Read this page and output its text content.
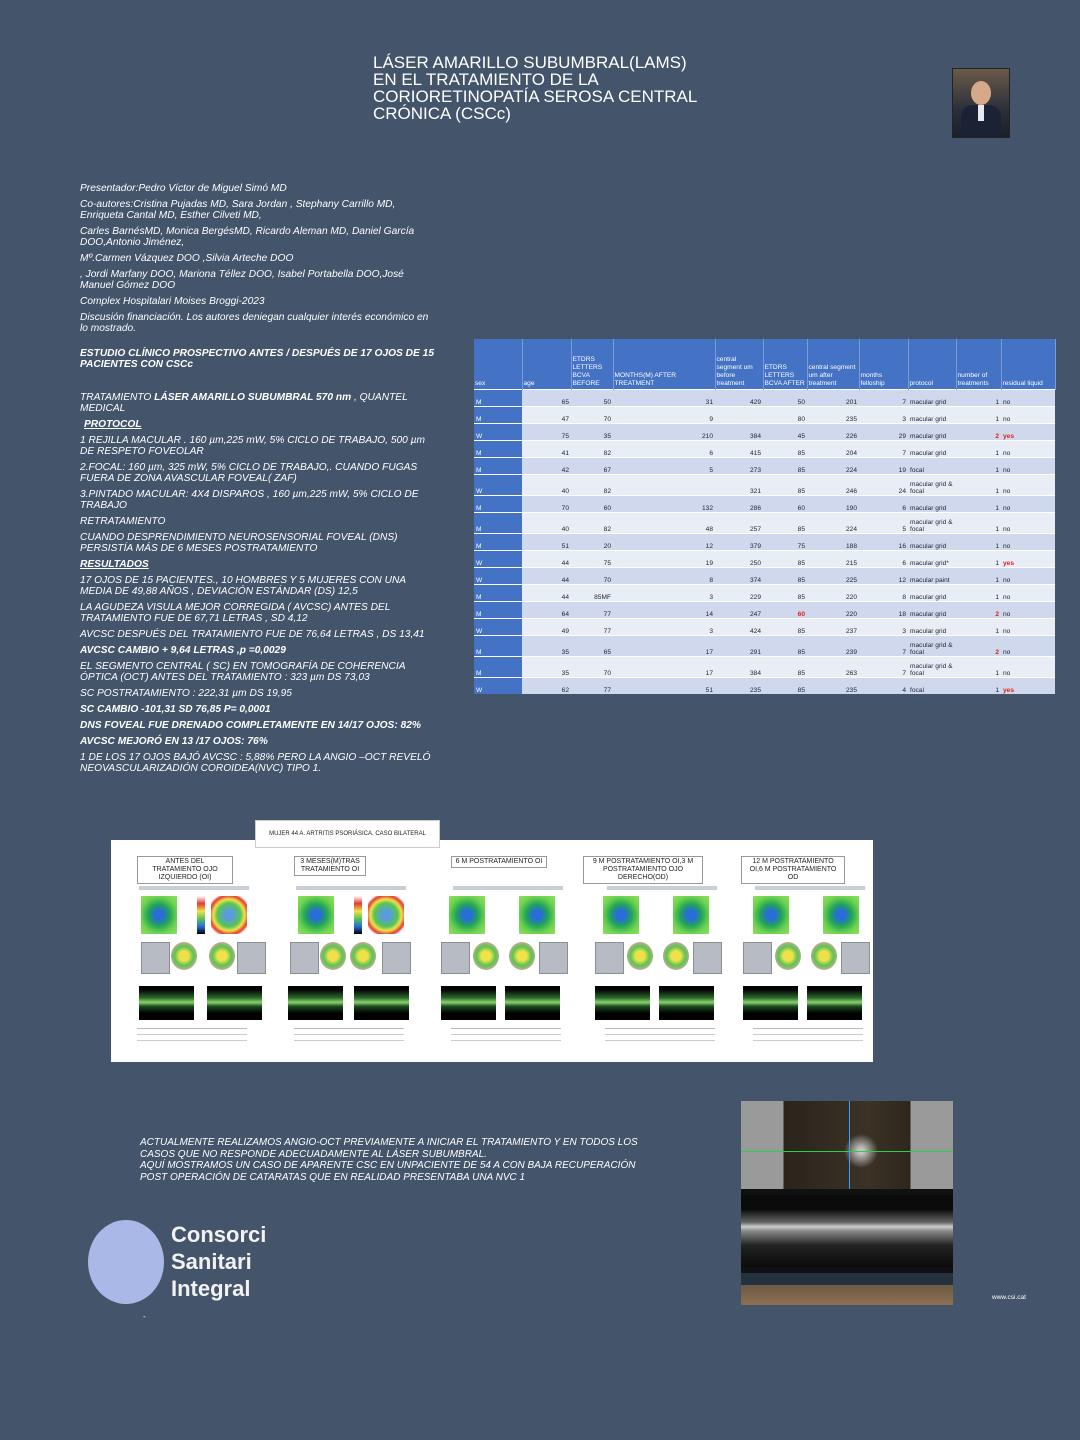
LÁSER AMARILLO SUBUMBRAL(LAMS)
EN EL TRATAMIENTO DE LA
CORIORETINOPATÍA SEROSA CENTRAL
CRÓNICA (CSCc)

Presentador:Pedro Víctor de Miguel Simó MD

Co-autores:Cristina Pujadas MD, Sara Jordan , Stephany Carrillo MD, Enriqueta Cantal MD, Esther Cilveti MD,

Carles BarnésMD, Monica BergésMD, Ricardo Aleman MD, Daniel García DOO,Antonio Jiménez,

Mº.Carmen Vázquez DOO ,Silvia Arteche DOO

, Jordi Marfany DOO, Mariona Téllez DOO, Isabel Portabella DOO,José Manuel Gómez DOO

Complex Hospitalari Moises Broggi-2023

Discusión financiación. Los autores deniegan cualquier interés económico en lo mostrado.

ESTUDIO CLÍNICO PROSPECTIVO ANTES / DESPUÉS DE 17 OJOS DE 15 PACIENTES CON CSCc

TRATAMIENTO LÁSER AMARILLO SUBUMBRAL 570 nm , QUANTEL MEDICAL

PROTOCOL

1 REJILLA MACULAR . 160 µm,225 mW, 5% CICLO DE TRABAJO, 500 µm DE RESPETO FOVEOLAR

2.FOCAL: 160 µm, 325 mW, 5% CICLO DE TRABAJO,. CUANDO FUGAS FUERA DE ZONA AVASCULAR FOVEAL( ZAF)

3.PINTADO MACULAR: 4X4 DISPAROS , 160 µm,225 mW, 5% CICLO DE TRABAJO

RETRATAMIENTO

CUANDO DESPRENDIMIENTO NEUROSENSORIAL FOVEAL (DNS) PERSISTÍA MÁS DE 6 MESES POSTRATAMIENTO

RESULTADOS

17 OJOS DE 15 PACIENTES., 10 HOMBRES Y 5 MUJERES CON UNA MEDIA DE 49,88 AÑOS , DEVIACIÓN ESTÁNDAR (DS) 12,5

LA AGUDEZA VISULA MEJOR CORREGIDA ( AVCSC) ANTES DEL TRATAMIENTO FUE DE 67,71 LETRAS , SD 4,12

AVCSC DESPUÉS DEL TRATAMIENTO FUE DE 76,64 LETRAS , DS 13,41

AVCSC CAMBIO + 9,64 LETRAS ,p =0,0029

EL SEGMENTO CENTRAL ( SC) EN TOMOGRAFÍA DE COHERENCIA ÓPTICA (OCT) ANTES DEL TRATAMIENTO : 323 µm DS 73,03

SC POSTRATAMIENTO : 222,31 µm DS 19,95

SC CAMBIO -101,31 SD 76,85 P= 0,0001

DNS FOVEAL FUE DRENADO COMPLETAMENTE EN 14/17 OJOS: 82%

AVCSC MEJORÓ EN 13 /17 OJOS: 76%

1 DE LOS 17 OJOS BAJÓ AVCSC : 5,88% PERO LA ANGIO –OCT REVELÓ NEOVASCULARIZADIÓN COROIDEA(NVC) TIPO 1.

sex	age	ETDRS LETTERS BCVA BEFORE	MONTHS(M) AFTER TREATMENT	central segment um before treatment	ETDRS LETTERS BCVA AFTER	central segment um after treatment	months felloship	protocol	number of treatments	residual liquid
M	65	50	31	429	50	201	7	macular grid	1	no
M	47	70	9		80	235	3	macular grid	1	no
W	75	35	210	384	45	226	29	macular grid	2	yes
M	41	82	6	415	85	204	7	macular grid	1	no
M	42	67	5	273	85	224	19	focal	1	no
W	40	82		321	85	246	24	macular grid & focal	1	no
M	70	60	132	286	60	190	6	macular grid	1	no
M	40	82	48	257	85	224	5	macular grid & focal	1	no
M	51	20	12	379	75	188	16	macular grid	1	no
W	44	75	19	250	85	215	6	macular grid*	1	yes
W	44	70	8	374	85	225	12	macular paint	1	no
M	44	85MF	3	229	85	220	8	macular grid	1	no
M	64	77	14	247	60	220	18	macular grid	2	no
W	49	77	3	424	85	237	3	macular grid	1	no
M	35	65	17	291	85	239	7	macular grid & focal	2	no
M	35	70	17	384	85	263	7	macular grid & focal	1	no
W	62	77	51	235	85	235	4	focal	1	yes
ANTES DEL TRATAMIENTO OJO IZQUIERDO (OI)
3 MESES(M)TRAS TRATAMIENTO OI
6 M POSTRATAMIENTO OI	9 M POSTRATAMIENTO OI,3 M POSTRATAMIENTO OJO DERECHO(OD)
12 M POSTRATAMIENTO OI,6 M POSTRATAMIENTO OD
MUJER 44 A. ARTRITIS PSORIÁSICA. CASO BILATERAL
ACTUALMENTE REALIZAMOS ANGIO-OCT PREVIAMENTE A INICIAR EL TRATAMIENTO Y EN TODOS LOS
CASOS QUE NO RESPONDE ADECUADAMENTE AL LÁSER SUBUMBRAL.
AQUÍ MOSTRAMOS UN CASO DE APARENTE CSC EN UNPACIENTE DE 54 A CON BAJA RECUPERACIÓN
POST OPERACIÓN DE CATARATAS QUE EN REALIDAD PRESENTABA UNA NVC 1
Consorci
Sanitari
Integral	www.csi.cat
-
